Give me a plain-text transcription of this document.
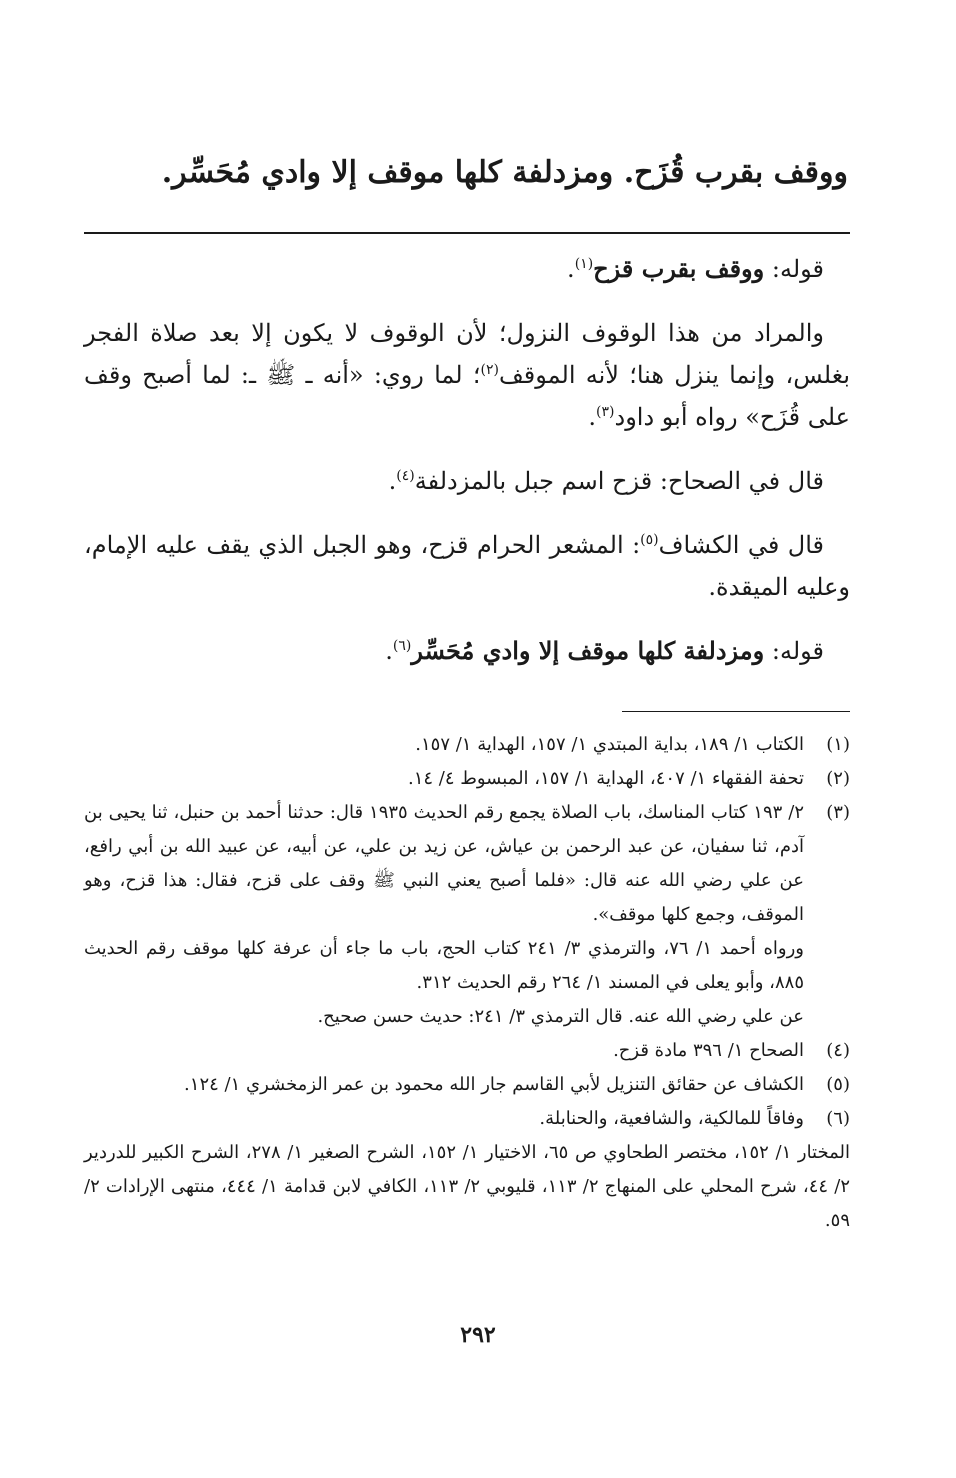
ووقف بقرب قُزَح. ومزدلفة كلها موقف إلا وادي مُحَسِّر.

قوله: ووقف بقرب قزح$^{(١)}$.

والمراد من هذا الوقوف النزول؛ لأن الوقوف لا يكون إلا بعد صلاة الفجر بغلس، وإنما ينزل هنا؛ لأنه الموقف$^{(٢)}$؛ لما روي: «أنه ـ ﷺ ـ: لما أصبح وقف على قُزَح» رواه أبو داود$^{(٣)}$.

قال في الصحاح: قزح اسم جبل بالمزدلفة$^{(٤)}$.

قال في الكشاف$^{(٥)}$: المشعر الحرام قزح، وهو الجبل الذي يقف عليه الإمام، وعليه الميقدة.

قوله: ومزدلفة كلها موقف إلا وادي مُحَسِّر$^{(٦)}$.

(١)
الكتاب ١/ ١٨٩، بداية المبتدي ١/ ١٥٧، الهداية ١/ ١٥٧.
(٢)
تحفة الفقهاء ١/ ٤٠٧، الهداية ١/ ١٥٧، المبسوط ٤/ ١٤.
(٣)
٢/ ١٩٣ كتاب المناسك، باب الصلاة يجمع رقم الحديث ١٩٣٥ قال: حدثنا أحمد بن حنبل، ثنا يحيى بن آدم، ثنا سفيان، عن عبد الرحمن بن عياش، عن زيد بن علي، عن أبيه، عن عبيد الله بن أبي رافع، عن علي رضي الله عنه قال: «فلما أصبح يعني النبي ﷺ وقف على قزح، فقال: هذا قزح، وهو الموقف، وجمع كلها موقف».
ورواه أحمد ١/ ٧٦، والترمذي ٣/ ٢٤١ كتاب الحج، باب ما جاء أن عرفة كلها موقف رقم الحديث ٨٨٥، وأبو يعلى في المسند ١/ ٢٦٤ رقم الحديث ٣١٢.
عن علي رضي الله عنه. قال الترمذي ٣/ ٢٤١: حديث حسن صحيح.
(٤)
الصحاح ١/ ٣٩٦ مادة قزح.
(٥)
الكشاف عن حقائق التنزيل لأبي القاسم جار الله محمود بن عمر الزمخشري ١/ ١٢٤.
(٦)
وفاقاً للمالكية، والشافعية، والحنابلة.
المختار ١/ ١٥٢، مختصر الطحاوي ص ٦٥، الاختيار ١/ ١٥٢، الشرح الصغير ١/ ٢٧٨، الشرح الكبير للدردير ٢/ ٤٤، شرح المحلي على المنهاج ٢/ ١١٣، قليوبي ٢/ ١١٣، الكافي لابن قدامة ١/ ٤٤٤، منتهى الإرادات ٢/ ٥٩.
٢٩٢
